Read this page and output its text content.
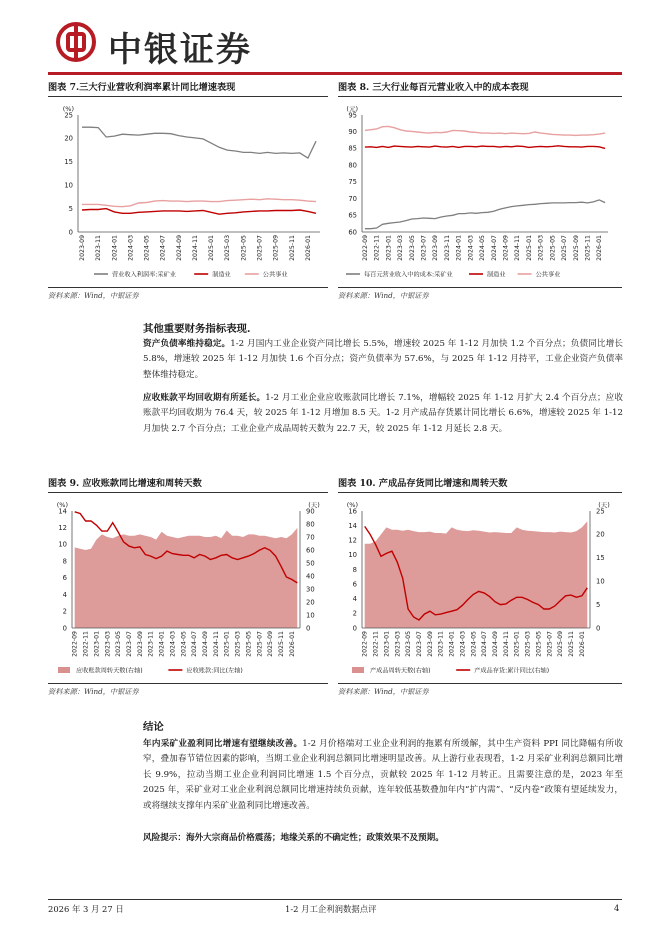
中银证券
图表 7.三大行业营收利润率累计同比增速表现	图表 8. 三大行业每百元营业收入中的成本表现
(%)
0
5
10
15
20
25
2023-09 2023-11 2024-01 2024-03 2024-05 2024-07 2024-09 2024-11 2025-01 2025-03 2025-05 2025-07 2025-09 2025-11 2026-01
营业收入利润率:采矿业	制造业	公共事业
(元)
60
65
70
75
80
85
90
95
2022-09 2022-11 2023-01 2023-03 2023-05 2023-07 2023-09 2023-11 2024-01 2024-03 2024-05 2024-07 2024-09 2024-11 2025-01 2025-03 2025-05 2025-07 2025-09 2025-11 2026-01
每百元营业收入中的成本:采矿业	制造业	公共事业
资料来源：Wind，中银证券	资料来源：Wind，中银证券
其他重要财务指标表现.
资产负债率维持稳定。1-2 月国内工业企业资产同比增长 5.5%，增速较 2025 年 1-12 月加快 1.2 个百分点；负债同比增长 5.8%，增速较 2025 年 1-12 月加快 1.6 个百分点；资产负债率为 57.6%，与 2025 年 1-12 月持平，工业企业资产负债率整体维持稳定。
应收账款平均回收期有所延长。1-2 月工业企业应收账款同比增长 7.1%，增幅较 2025 年 1-12 月扩大 2.4 个百分点；应收账款平均回收期为 76.4 天，较 2025 年 1-12 月增加 8.5 天。1-2 月产成品存货累计同比增长 6.6%，增速较 2025 年 1-12 月加快 2.7 个百分点；工业企业产成品周转天数为 22.7 天，较 2025 年 1-12 月延长 2.8 天。
图表 9. 应收账款同比增速和周转天数	图表 10. 产成品存货同比增速和周转天数
(%)	(天)
0
2
4
6
8
10
12
14
0
10
20
30
40
50
60
70
80
90
2022-09 2022-11 2023-01 2023-03 2023-05 2023-07 2023-09 2023-11 2024-01 2024-03 2024-05 2024-07 2024-09 2024-11 2025-01 2025-03 2025-05 2025-07 2025-09 2025-11 2026-01
应收账款周转天数(右轴)	应收账款:同比(左轴)
(%)	(天)
0
2
4
6
8
10
12
14
16
0
5
10
15
20
25
2022-09 2022-11 2023-01 2023-03 2023-05 2023-07 2023-09 2023-11 2024-01 2024-03 2024-05 2024-07 2024-09 2024-11 2025-01 2025-03 2025-05 2025-07 2025-09 2025-11 2026-01
产成品周转天数(右轴)	产成品存货:累计同比(右轴)
资料来源：Wind，中银证券	资料来源：Wind，中银证券
结论
年内采矿业盈利同比增速有望继续改善。1-2 月价格端对工业企业利润的拖累有所缓解，其中生产资料 PPI 同比降幅有所收窄，叠加春节错位因素的影响，当期工业企业利润总额同比增速明显改善。从上游行业表现看，1-2 月采矿业利润总额同比增长 9.9%，拉动当期工业企业利润同比增速 1.5 个百分点，贡献较 2025 年 1-12 月转正。且需要注意的是，2023 年至 2025 年，采矿业对工业企业利润总额同比增速持续负贡献，连年较低基数叠加年内“扩内需”、“反内卷”政策有望延续发力，或将继续支撑年内采矿业盈利同比增速改善。
风险提示：海外大宗商品价格震荡；地缘关系的不确定性；政策效果不及预期。
2026 年 3 月 27 日	1-2 月工企利润数据点评	4
